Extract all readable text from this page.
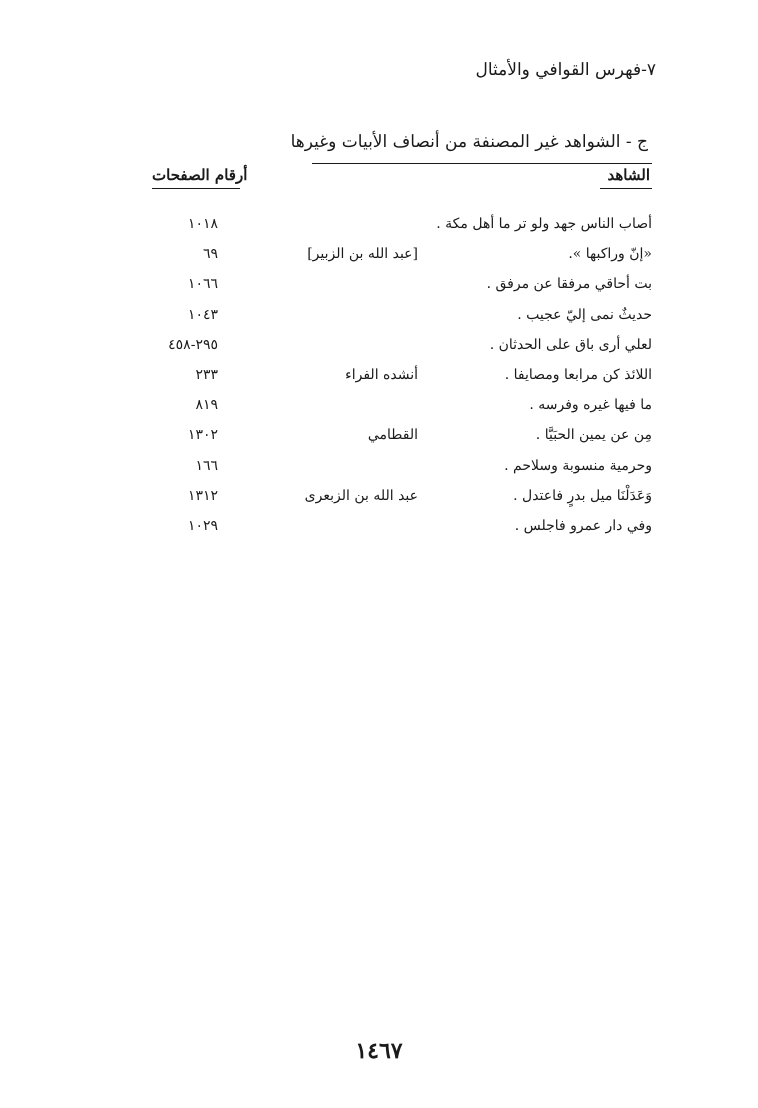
٧-فهرس القوافي والأمثال
ج - الشواهد غير المصنفة من أنصاف الأبيات وغيرها
الشاهد
أرقام الصفحات
أصاب الناس جهد ولو تر ما أهل مكة .
١٠١٨
«إنّ وراكبها ».
[عبد الله بن الزبير]
٦٩
بت أحاقي مرفقا عن مرفق .
١٠٦٦
حديثٌ نمى إليّ عجيب .
١٠٤٣
لعلي أرى باق على الحدثان .
٢٩٥-٤٥٨
اللائذ كن مرابعا ومصايفا .
أنشده الفراء
٢٣٣
ما فيها غيره وفرسه .
٨١٩
مِن عن يمين الحبَيَّا .
القطامي
١٣٠٢
وحرمية منسوبة وسلاحم .
١٦٦
وَعَدَلْنَا ميل بدرٍ فاعتدل .
عبد الله بن الزبعرى
١٣١٢
وفي دار عمرو فاجلس .
١٠٢٩
١٤٦٧
